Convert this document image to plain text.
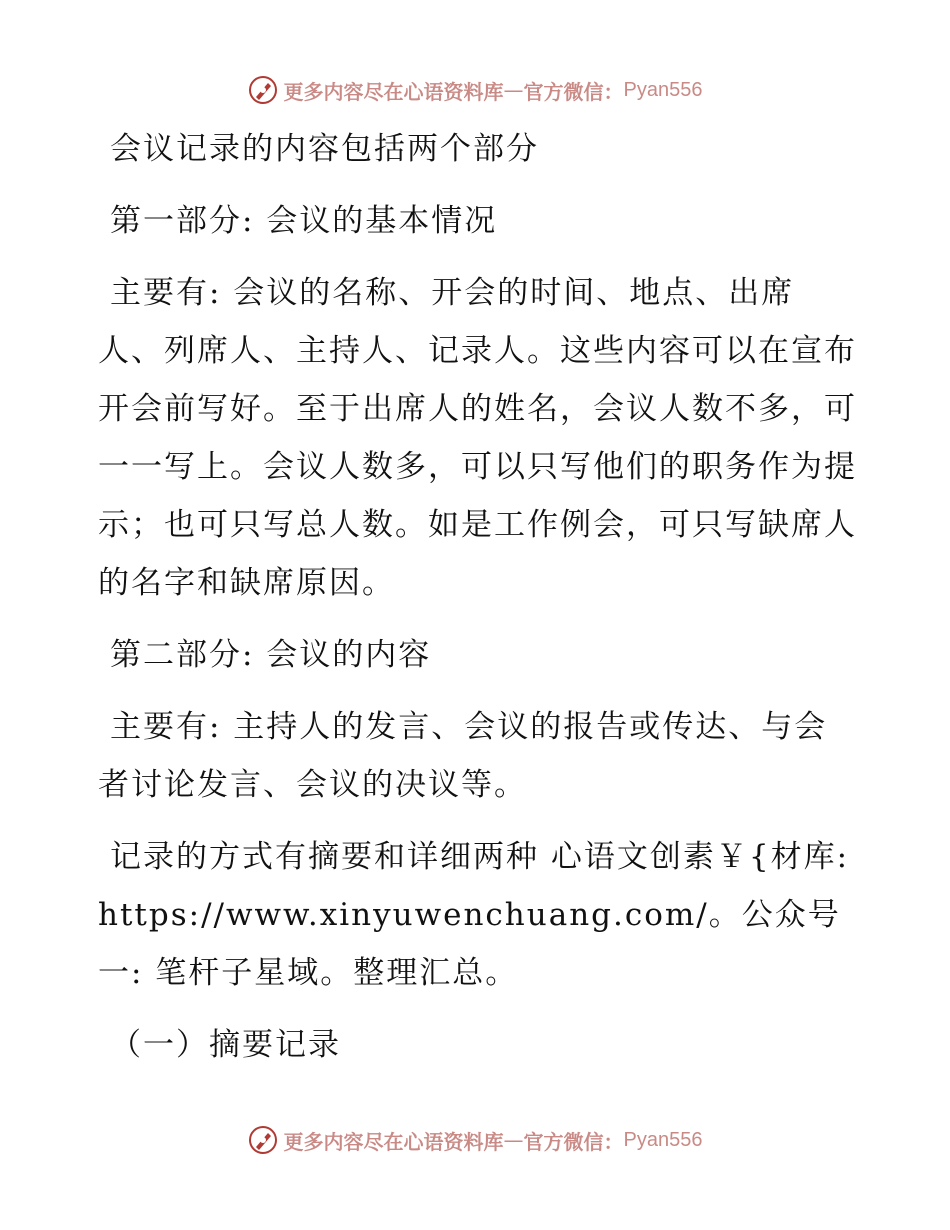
更多内容尽在心语资料库 — 官方微信： Pyan556

会议记录的内容包括两个部分

第一部分: 会议的基本情况

主要有: 会议的名称、开会的时间、地点、出席人、列席人、主持人、记录人。这些内容可以在宣布开会前写好。至于出席人的姓名，会议人数不多，可一一写上。会议人数多，可以只写他们的职务作为提示；也可只写总人数。如是工作例会，可只写缺席人的名字和缺席原因。

第二部分: 会议的内容

主要有: 主持人的发言、会议的报告或传达、与会者讨论发言、会议的决议等。

记录的方式有摘要和详细两种 心语文创素￥{材库: https://www.xinyuwenchuang.com/。公众号一: 笔杆子星域。整理汇总。

（一）摘要记录

更多内容尽在心语资料库 — 官方微信： Pyan556
